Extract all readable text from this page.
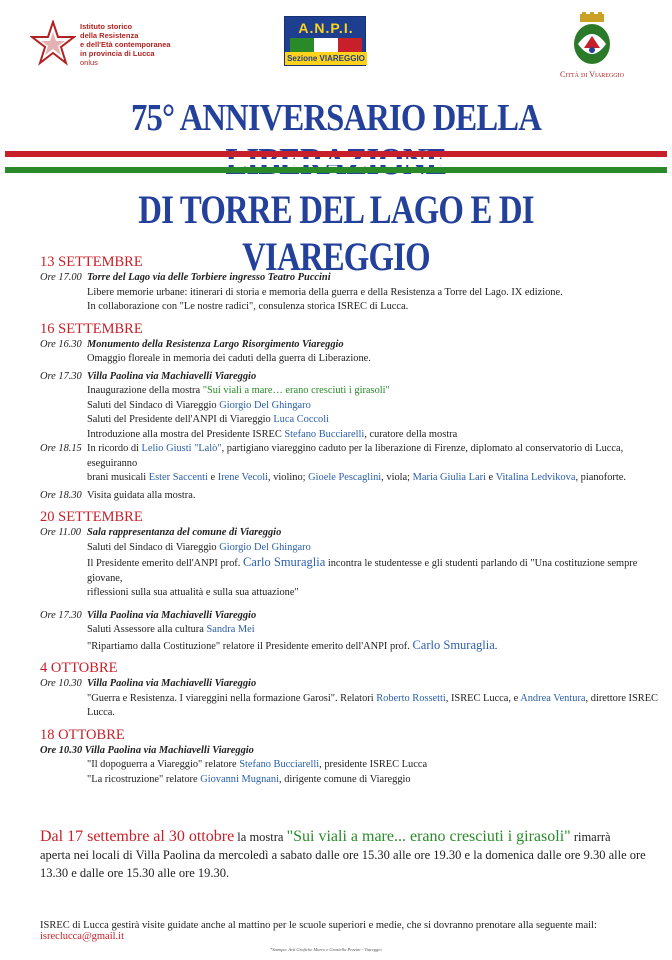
Istituto storico
della Resistenza
e dell'Età contemporanea
in provincia di Lucca
onlus
A.N.P.I.
Sezione VIAREGGIO
Città di Viareggio
75° ANNIVERSARIO DELLA
DI TORRE DEL LAGO E DI VIAREGGIO
13 SETTEMBRE
Ore 17.00 Torre del Lago via delle Torbiere ingresso Teatro Puccini
Libere memorie urbane: itinerari di storia e memoria della guerra e della Resistenza a Torre del Lago. IX edizione.
In collaborazione con "Le nostre radici", consulenza storica ISREC di Lucca.
16 SETTEMBRE
Ore 16.30 Monumento della Resistenza Largo Risorgimento Viareggio
Omaggio floreale in memoria dei caduti della guerra di Liberazione.
Ore 17.30 Villa Paolina via Machiavelli Viareggio
Inaugurazione della mostra "Sui viali a mare… erano cresciuti i girasoli"
Saluti del Sindaco di Viareggio Giorgio Del Ghingaro
Saluti del Presidente dell'ANPI di Viareggio Luca Coccoli
Introduzione alla mostra del Presidente ISREC Stefano Bucciarelli, curatore della mostra
Ore 18.15 In ricordo di Lelio Giusti "Lalò", partigiano viareggino caduto per la liberazione di Firenze, diplomato al conservatorio di Lucca, eseguiranno
brani musicali Ester Saccenti e Irene Vecoli, violino; Gioele Pescaglini, viola; Maria Giulia Lari e Vitalina Ledvikova, pianoforte.
Ore 18.30 Visita guidata alla mostra.
20 SETTEMBRE
Ore 11.00 Sala rappresentanza del comune di Viareggio
Saluti del Sindaco di Viareggio Giorgio Del Ghingaro
Il Presidente emerito dell'ANPI prof. Carlo Smuraglia incontra le studentesse e gli studenti parlando di "Una costituzione sempre giovane,
riflessioni sulla sua attualità e sulla sua attuazione"
Ore 17.30 Villa Paolina via Machiavelli Viareggio
Saluti Assessore alla cultura Sandra Mei
"Ripartiamo dalla Costituzione" relatore il Presidente emerito dell'ANPI prof. Carlo Smuraglia.
4 OTTOBRE
Ore 10.30 Villa Paolina via Machiavelli Viareggio
"Guerra e Resistenza. I viareggini nella formazione Garosi". Relatori Roberto Rossetti, ISREC Lucca, e Andrea Ventura, direttore ISREC Lucca.
18 OTTOBRE
Ore 10.30 Villa Paolina via Machiavelli Viareggio
"Il dopoguerra a Viareggio" relatore Stefano Bucciarelli, presidente ISREC Lucca
"La ricostruzione" relatore Giovanni Mugnani, dirigente comune di Viareggio
Dal 17 settembre al 30 ottobre la mostra "Sui viali a mare... erano cresciuti i girasoli" rimarrà
aperta nei locali di Villa Paolina da mercoledì a sabato dalle ore 15.30 alle ore 19.30 e la domenica dalle ore 9.30 alle ore
13.30 e dalle ore 15.30 alle ore 19.30.
ISREC di Lucca gestirà visite guidate anche al mattino per le scuole superiori e medie, che si dovranno prenotare alla seguente mail: isreclucca@gmail.it
*Stampa: Arti Grafiche Marro e Graziella Pezzini - Viareggio
